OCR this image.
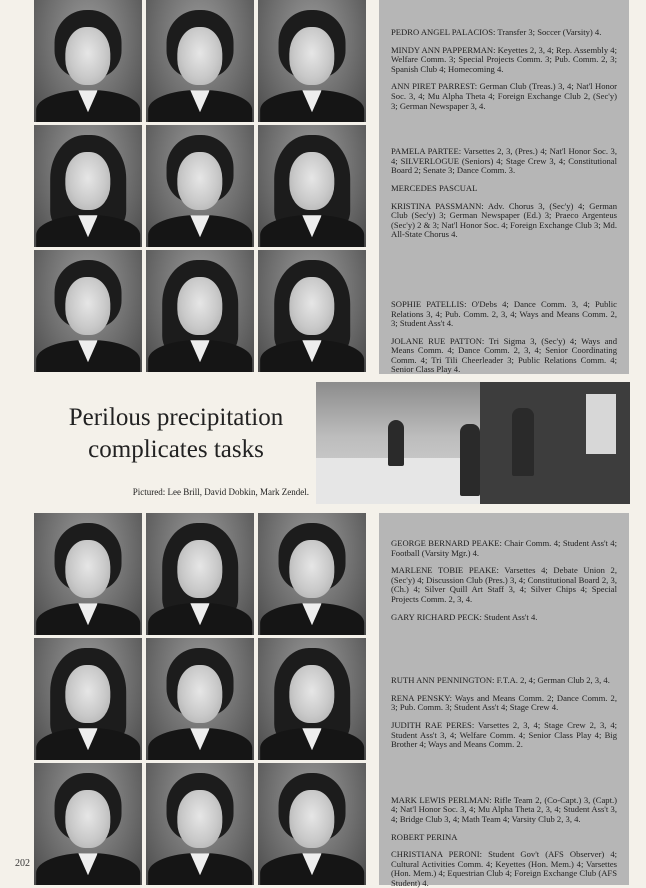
PEDRO ANGEL PALACIOS: Transfer 3; Soccer (Varsity) 4.

MINDY ANN PAPPERMAN: Keyettes 2, 3, 4; Rep. Assembly 4; Welfare Comm. 3; Special Projects Comm. 3; Pub. Comm. 2, 3; Spanish Club 4; Homecoming 4.

ANN PIRET PARREST: German Club (Treas.) 3, 4; Nat'l Honor Soc. 3, 4; Mu Alpha Theta 4; Foreign Exchange Club 2, (Sec'y) 3; German Newspaper 3, 4.

PAMELA PARTEE: Varsettes 2, 3, (Pres.) 4; Nat'l Honor Soc. 3, 4; SILVERLOGUE (Seniors) 4; Stage Crew 3, 4; Constitutional Board 2; Senate 3; Dance Comm. 3.

MERCEDES PASCUAL

KRISTINA PASSMANN: Adv. Chorus 3, (Sec'y) 4; German Club (Sec'y) 3; German Newspaper (Ed.) 3; Praeco Argenteus (Sec'y) 2 & 3; Nat'l Honor Soc. 4; Foreign Exchange Club 3; Md. All-State Chorus 4.

SOPHIE PATELLIS: O'Debs 4; Dance Comm. 3, 4; Public Relations 3, 4; Pub. Comm. 2, 3, 4; Ways and Means Comm. 2, 3; Student Ass't 4.

JOLANE RUE PATTON: Tri Sigma 3, (Sec'y) 4; Ways and Means Comm. 4; Dance Comm. 2, 3, 4; Senior Coordinating Comm. 4; Tri Tili Cheerleader 3; Public Relations Comm. 4; Senior Class Play 4.

Perilous precipitation
complicates tasks
Pictured: Lee Brill, David Dobkin, Mark Zendel.

GEORGE BERNARD PEAKE: Chair Comm. 4; Student Ass't 4; Football (Varsity Mgr.) 4.

MARLENE TOBIE PEAKE: Varsettes 4; Debate Union 2, (Sec'y) 4; Discussion Club (Pres.) 3, 4; Constitutional Board 2, 3, (Ch.) 4; Silver Quill Art Staff 3, 4; Silver Chips 4; Special Projects Comm. 2, 3, 4.

GARY RICHARD PECK: Student Ass't 4.

RUTH ANN PENNINGTON: F.T.A. 2, 4; German Club 2, 3, 4.

RENA PENSKY: Ways and Means Comm. 2; Dance Comm. 2, 3; Pub. Comm. 3; Student Ass't 4; Stage Crew 4.

JUDITH RAE PERES: Varsettes 2, 3, 4; Stage Crew 2, 3, 4; Student Ass't 3, 4; Welfare Comm. 4; Senior Class Play 4; Big Brother 4; Ways and Means Comm. 2.

MARK LEWIS PERLMAN: Rifle Team 2, (Co-Capt.) 3, (Capt.) 4; Nat'l Honor Soc. 3, 4; Mu Alpha Theta 2, 3, 4; Student Ass't 3, 4; Bridge Club 3, 4; Math Team 4; Varsity Club 2, 3, 4.

ROBERT PERINA

CHRISTIANA PERONI: Student Gov't (AFS Observer) 4; Cultural Activities Comm. 4; Keyettes (Hon. Mem.) 4; Varsettes (Hon. Mem.) 4; Equestrian Club 4; Foreign Exchange Club (AFS Student) 4.

202
